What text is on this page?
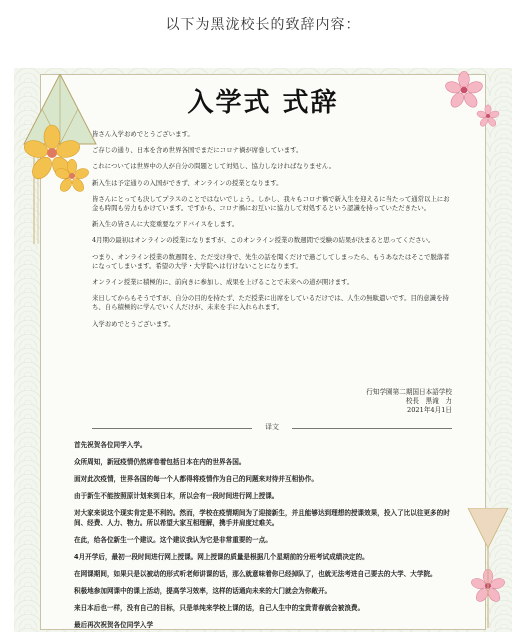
以下为黑泷校长的致辞内容：
入学式 式辞

皆さん入学おめでとうございます。

ご存じの通り、日本を含め世界各国でまだにコロナ禍が席巻しています。

これについては世界中の人が自分の問題として対処し、協力しなければなりません。

新入生は予定通りの入国ができず、オンラインの授業となります。

皆さんにとっても決してプラスのことではないでしょう。しかし、我々もコロナ禍で新入生を迎えるに当たって通常以上にお金も時間も労力もかけています。ですから、コロナ禍にお互いに協力して対処するという認識を持っていただきたい。

新入生の皆さんに大変重要なアドバイスをします。

4月期の最初はオンラインの授業になりますが、このオンライン授業の数週間で受験の結果が決まると思ってください。

つまり、オンライン授業の数週間を、ただ受け身で、先生の話を聞くだけで過ごしてしまったら、もうあなたはそこで脱落者になってしまいます。希望の大学・大学院へは行けないことになります。

オンライン授業に積極的に、前向きに参加し、成果を上げることで未来への道が開けます。

来日してからもそうですが、自分の目的を持たず、ただ授業に出席をしているだけでは、人生の無駄遣いです。目的意識を持ち、自ら積極的に学んでいく人だけが、未来を手に入れられます。

入学おめでとうございます。

行知学園第二期国日本語学校
校長　黒滝　力
2021年4月1日
译文

首先祝贺各位同学入学。

众所周知，新冠疫情仍然席卷着包括日本在内的世界各国。

面对此次疫情，世界各国的每一个人都得将疫情作为自己的问题来对待并互相协作。

由于新生不能按照原计划来到日本，所以会有一段时间进行网上授课。

对大家来说这个现实肯定是不利的。然而，学校在疫情期间为了迎接新生，并且能够达到理想的授课效果，投入了比以往更多的时间、经费、人力、物力。所以希望大家互相理解，携手并肩度过难关。

在此，给各位新生一个建议。这个建议我认为它是非常重要的一点。

4月开学后，最初一段时间进行网上授课。网上授课的质量是根据几个星期前的分班考试成绩决定的。

在网课期间，如果只是以被动的形式听老师讲课的话，那么就意味着你已经掉队了，也就无法考进自己要去的大学、大学院。

积极地参加网课中的课上活动，提高学习效率，这样的话通向未来的大门就会为你敞开。

来日本后也一样，没有自己的目标，只是单纯来学校上课的话，自己人生中的宝贵青春就会被浪费。

最后再次祝贺各位同学入学
